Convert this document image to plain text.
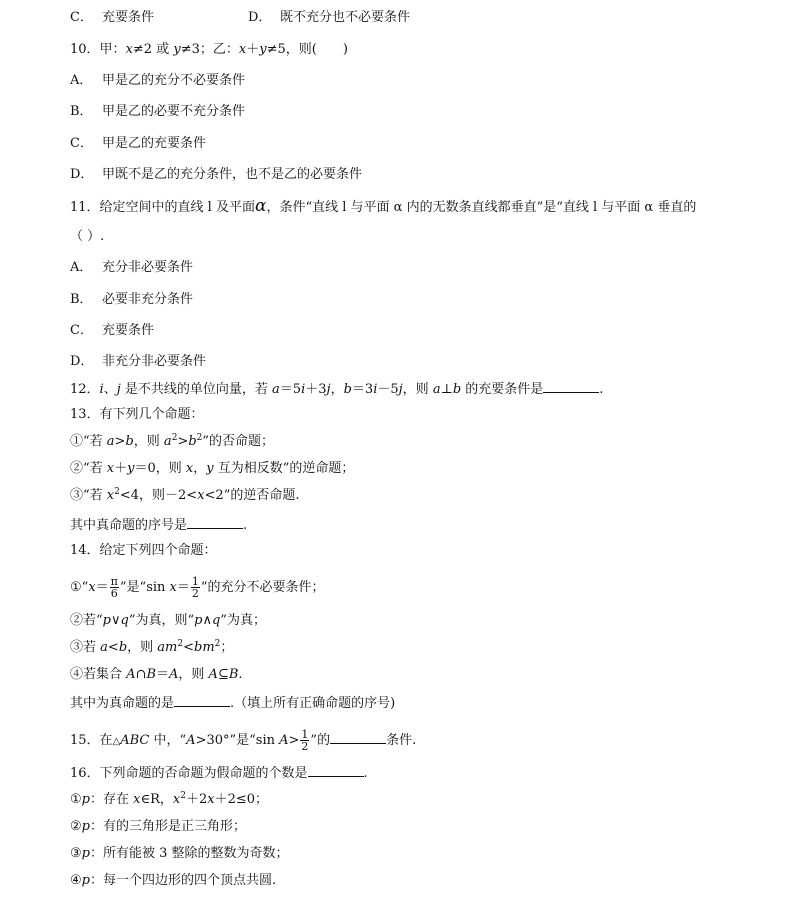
C． 充要条件	D． 既不充分也不必要条件
10．甲：x≠2 或 y≠3；乙：x＋y≠5，则(　　)
A． 甲是乙的充分不必要条件
B． 甲是乙的必要不充分条件
C． 甲是乙的充要条件
D． 甲既不是乙的充分条件，也不是乙的必要条件
11．给定空间中的直线 l 及平面α，条件“直线 l 与平面 α 内的无数条直线都垂直”是“直线 l 与平面 α 垂直的
（ ）.
A． 充分非必要条件
B． 必要非充分条件
C． 充要条件
D． 非充分非必要条件
12．i、j 是不共线的单位向量，若 a＝5i＋3j，b＝3i－5j，则 a⊥b 的充要条件是	.
13．有下列几个命题：
①“若 a>b，则 $a^2>b^2$”的否命题；
②“若 x＋y＝0，则 x，y 互为相反数”的逆命题；
③“若 $x^2<4$，则－2<x<2”的逆否命题.
其中真命题的序号是	.
14．给定下列四个命题：
①“x＝ $\frac{\pi}{6}$ ”是“sin $x= \frac{1}{2}$ ”的充分不必要条件；
②若“p∨q”为真，则“p∧q”为真；
③若 a<b，则 $am^2<bm^2$；
④若集合 A∩B＝A，则 A⊆B.
其中为真命题的是	.（填上所有正确命题的序号)
15．在△ABC 中，“A>30°”是“sin $A> \frac{1}{2}$ ”的	条件.
16．下列命题的否命题为假命题的个数是	.
①p：存在 x∈R，$x^2+2x+2\le 0$；
②p：有的三角形是正三角形；
③p：所有能被 3 整除的整数为奇数；
④p：每一个四边形的四个顶点共圆.
